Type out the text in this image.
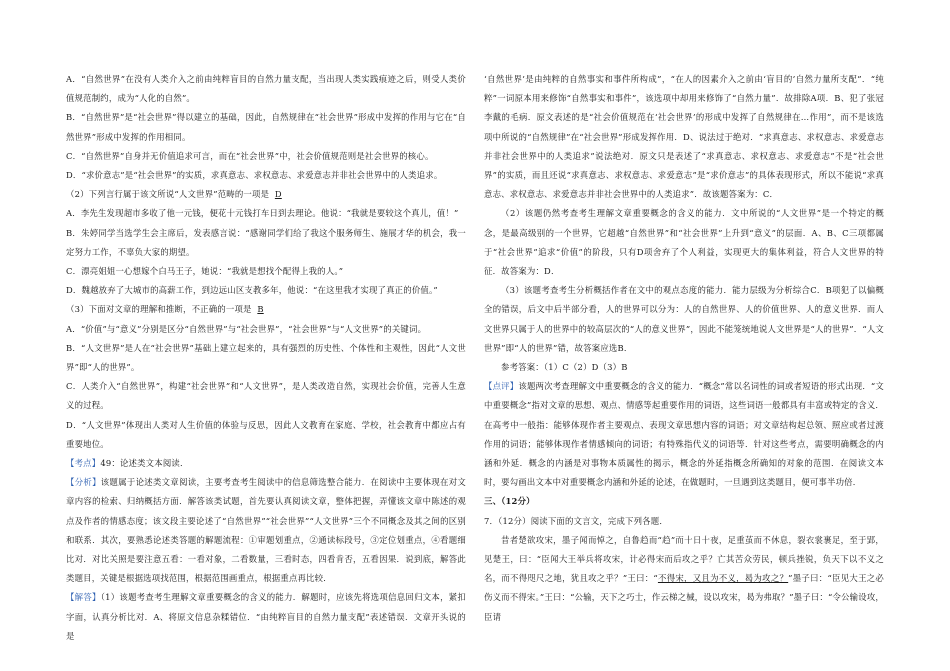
A．“自然世界”在没有人类介入之前由纯粹盲目的自然力量支配，当出现人类实践痕迹之后，则受人类价值规范制约，成为“人化的自然”。

B．“自然世界”是“社会世界”得以建立的基础，因此，自然规律在“社会世界”形成中发挥的作用与它在“自然世界”形成中发挥的作用相同。

C．“自然世界”自身并无价值追求可言，而在“社会世界”中，社会价值规范则是社会世界的核心。

D．“求价意志”是“社会世界”的实质，求真意志、求权意志、求爱意志并非社会世界中的人类追求。

（2）下列言行属于该文所说“人文世界”范畴的一项是 D

A．李先生发现超市多收了他一元钱，便花十元钱打车日到去理论。他说：“我就是要较这个真儿，值！”

B．朱婷同学当选学生会主席后，发表感言说：“感谢同学们给了我这个服务师生、施展才华的机会，我一定努力工作，不辜负大家的期望。

C．漂亮姐姐一心想嫁个白马王子，她说：“我就是想找个配得上我的人。”

D．魏越放弃了大城市的高薪工作，到边远山区支教多年，他说：“在这里我才实现了真正的价值。”

（3）下面对文章的理解和推断，不正确的一项是 B

A．“价值”与“意义”分别是区分“自然世界”与“社会世界”，“社会世界”与“人文世界”的关键词。

B．“人文世界”是人在“社会世界”基础上建立起来的，具有强烈的历史性、个体性和主观性，因此“人文世界”即“人的世界”。

C．人类介入“自然世界”，构建“社会世界”和“人文世界”，是人类改造自然，实现社会价值，完善人生意义的过程。

D．“人文世界”体现出人类对人生价值的体验与反思，因此人文教育在家庭、学校，社会教育中都应占有重要地位。

【考点】49：论述类文本阅读．

【分析】该题属于论述类文章阅读，主要考查考生阅读中的信息筛选整合能力．在阅读中主要体现在对文章内容的检索、归纳概括方面．解答该类试题，首先要认真阅读文章，整体把握，弄懂该文章中陈述的观点及作者的情感态度；该文段主要论述了“自然世界”“社会世界”“人文世界”三个不同概念及其之间的区别和联系．其次，要熟悉论述类答题的解题流程：①审题划重点，②通读标段号，③定位划重点，④看题细比对．对比关照是要注意五看：一看对象，二看数量，三看时态，四看肯否，五看因果．说到底，解答此类题目，关键是根据选项找范围，根据范围画重点，根据重点再比较．

【解答】（1）该题考查考生理解文章重要概念的含义的能力．解题时，应该先将选项信息回归文本，紧扣字面，认真分析比对．A、将原文信息杂糅错位．“由纯粹盲目的自然力量支配”表述错误．文章开头说的是

‘自然世界’是由纯粹的自然事实和事件所构成”，“在人的因素介入之前由‘盲目的’自然力量所支配”．“纯粹”一词原本用来修饰“自然事实和事件”，该选项中却用来修饰了“自然力量”．故排除A项．B、犯了张冠李戴的毛病．原文表述的是“社会价值规范在‘社会世界’的形成中发挥了自然规律在…作用”，而不是该选项中所说的“自然规律”在“社会世界”形成发挥作用．D、说法过于绝对．“求真意志、求权意志、求爱意志并非社会世界中的人类追求”说法绝对．原文只是表述了“求真意志、求权意志、求爱意志”不是“社会世界”的实质，而且还说“求真意志、求权意志、求爱意志”是“求价意志”的具体表现形式，所以不能说“求真意志、求权意志、求爱意志并非社会世界中的人类追求”．故该题答案为：C．

（2）该题仍然考查考生理解文章重要概念的含义的能力．文中所说的“人文世界”是一个特定的概念，是最高级别的一个世界，它超越“自然世界”和“社会世界”上升到“意义”的层面．A、B、C三项都属于“社会世界”追求“价值”的阶段，只有D项舍弃了个人利益，实现更大的集体利益，符合人文世界的特征．故答案为：D．

（3）该题考查考生分析概括作者在文中的观点态度的能力．能力层级为分析综合C．B项犯了以偏概全的错误，后文中后半部分看，人的世界可以分为：人的自然世界、人的价值世界、人的意义世界．而人文世界只属于人的世界中的较高层次的“人的意义世界”，因此不能笼统地说人文世界是“人的世界”．“人文世界”即“人的世界”错，故答案应选B．

参考答案：（1）C（2）D（3）B

【点评】该题两次考查理解文中重要概念的含义的能力．“概念”常以名词性的词或者短语的形式出现．“文中重要概念”指对文章的思想、观点、情感等起重要作用的词语，这些词语一般都具有丰富或特定的含义．在高考中一般指：能够体现作者主要观点、表现文章思想内容的词语；对文章结构起总领、照应或者过渡作用的词语；能够体现作者情感倾向的词语；有特殊指代义的词语等．针对这些考点，需要明确概念的内涵和外延．概念的内涵是对事物本质属性的揭示，概念的外延指概念所确知的对象的范围．在阅读文本时，要勾画出文本中对重要概念内涵和外延的论述，在做题时，一旦遇到这类题目，便可事半功倍．

三、（12分）

7．（12分）阅读下面的文言文，完成下列各题．

昔者楚欲攻宋，墨子闻而悼之，自鲁趋而“趋”而十日十夜，足重茧而不休息，裂衣裳裹足，至于郢，见楚王，曰：“臣闻大王举兵将攻宋，计必得宋而后攻之乎？亡其苦众劳民，顿兵挫锐，负天下以不义之名，而不得咫尺之地，犹且攻之乎？”王曰：“不得宋，又且为不义，曷为攻之？”墨子曰：“臣见大王之必伤义而不得宋。”王曰：“公输，天下之巧士，作云梯之械，设以攻宋，曷为弗取？”墨子曰：“令公输设攻，臣请
